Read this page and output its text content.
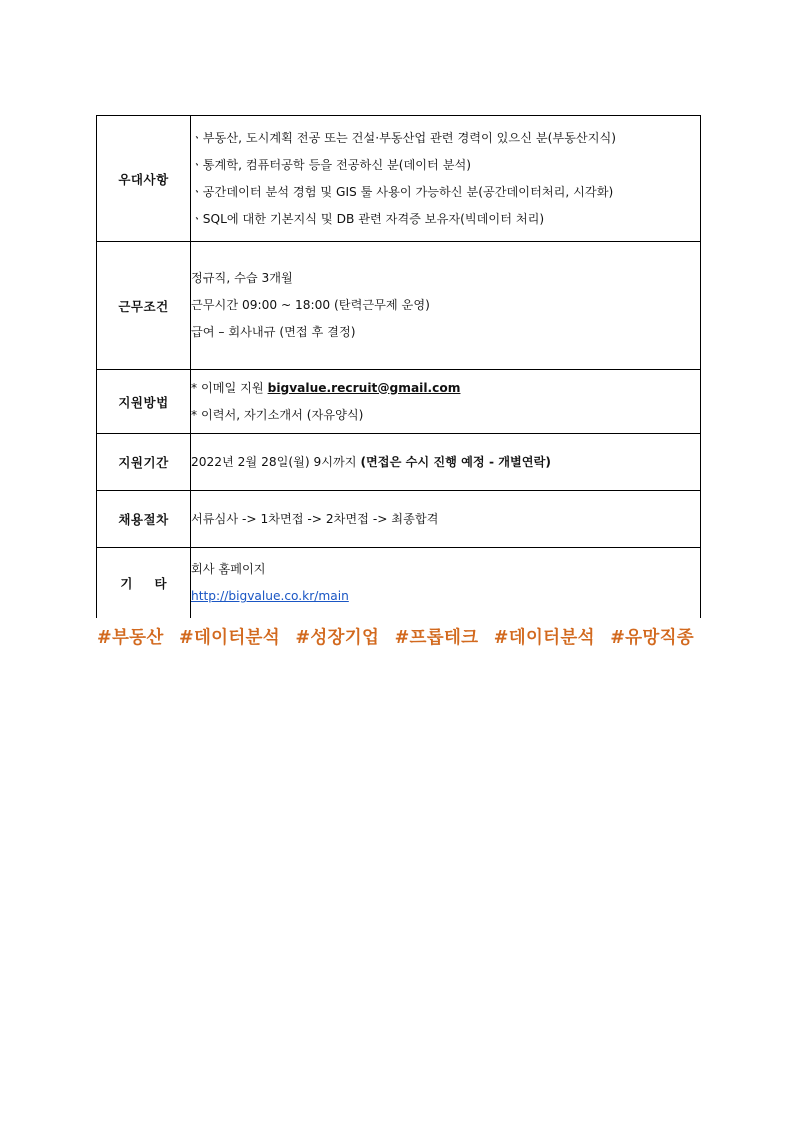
우대사항	ㆍ부동산, 도시계획 전공 또는 건설·부동산업 관련 경력이 있으신 분(부동산지식)
ㆍ통계학, 컴퓨터공학 등을 전공하신 분(데이터 분석)
ㆍ공간데이터 분석 경험 및 GIS 툴 사용이 가능하신 분(공간데이터처리, 시각화)
ㆍSQL에 대한 기본지식 및 DB 관련 자격증 보유자(빅데이터 처리)

근무조건	정규직, 수습 3개월
근무시간 09:00 ~ 18:00 (탄력근무제 운영)
급여 – 회사내규 (면접 후 결정)

지원방법	* 이메일 지원 bigvalue.recruit@gmail.com
* 이력서, 자기소개서 (자유양식)

지원기간	2022년 2월 28일(월) 9시까지 (면접은 수시 진행 예정 - 개별연락)

채용절차	서류심사 -> 1차면접 -> 2차면접 -> 최종합격

기타	회사 홈페이지
http://bigvalue.co.kr/main
#부동산 #데이터분석 #성장기업 #프롭테크 #데이터분석 #유망직종
